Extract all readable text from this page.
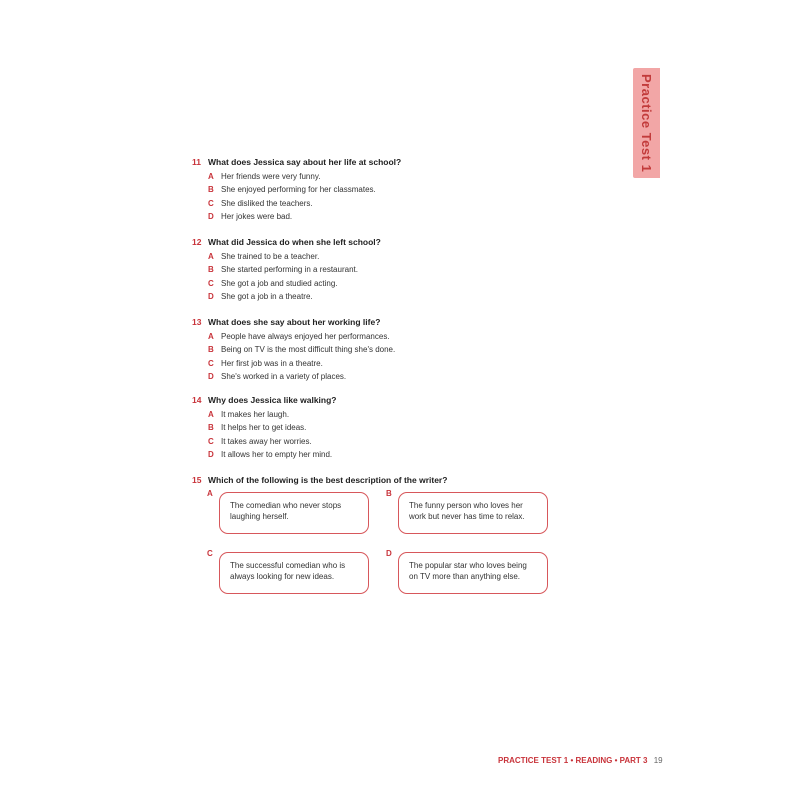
Practice Test 1
11 What does Jessica say about her life at school?
A Her friends were very funny.
B She enjoyed performing for her classmates.
C She disliked the teachers.
D Her jokes were bad.
12 What did Jessica do when she left school?
A She trained to be a teacher.
B She started performing in a restaurant.
C She got a job and studied acting.
D She got a job in a theatre.
13 What does she say about her working life?
A People have always enjoyed her performances.
B Being on TV is the most difficult thing she's done.
C Her first job was in a theatre.
D She's worked in a variety of places.
14 Why does Jessica like walking?
A It makes her laugh.
B It helps her to get ideas.
C It takes away her worries.
D It allows her to empty her mind.
15 Which of the following is the best description of the writer?
A
The comedian who never stops laughing herself.
B
The funny person who loves her work but never has time to relax.
C
The successful comedian who is always looking for new ideas.
D
The popular star who loves being on TV more than anything else.
PRACTICE TEST 1 • READING • PART 3 19
